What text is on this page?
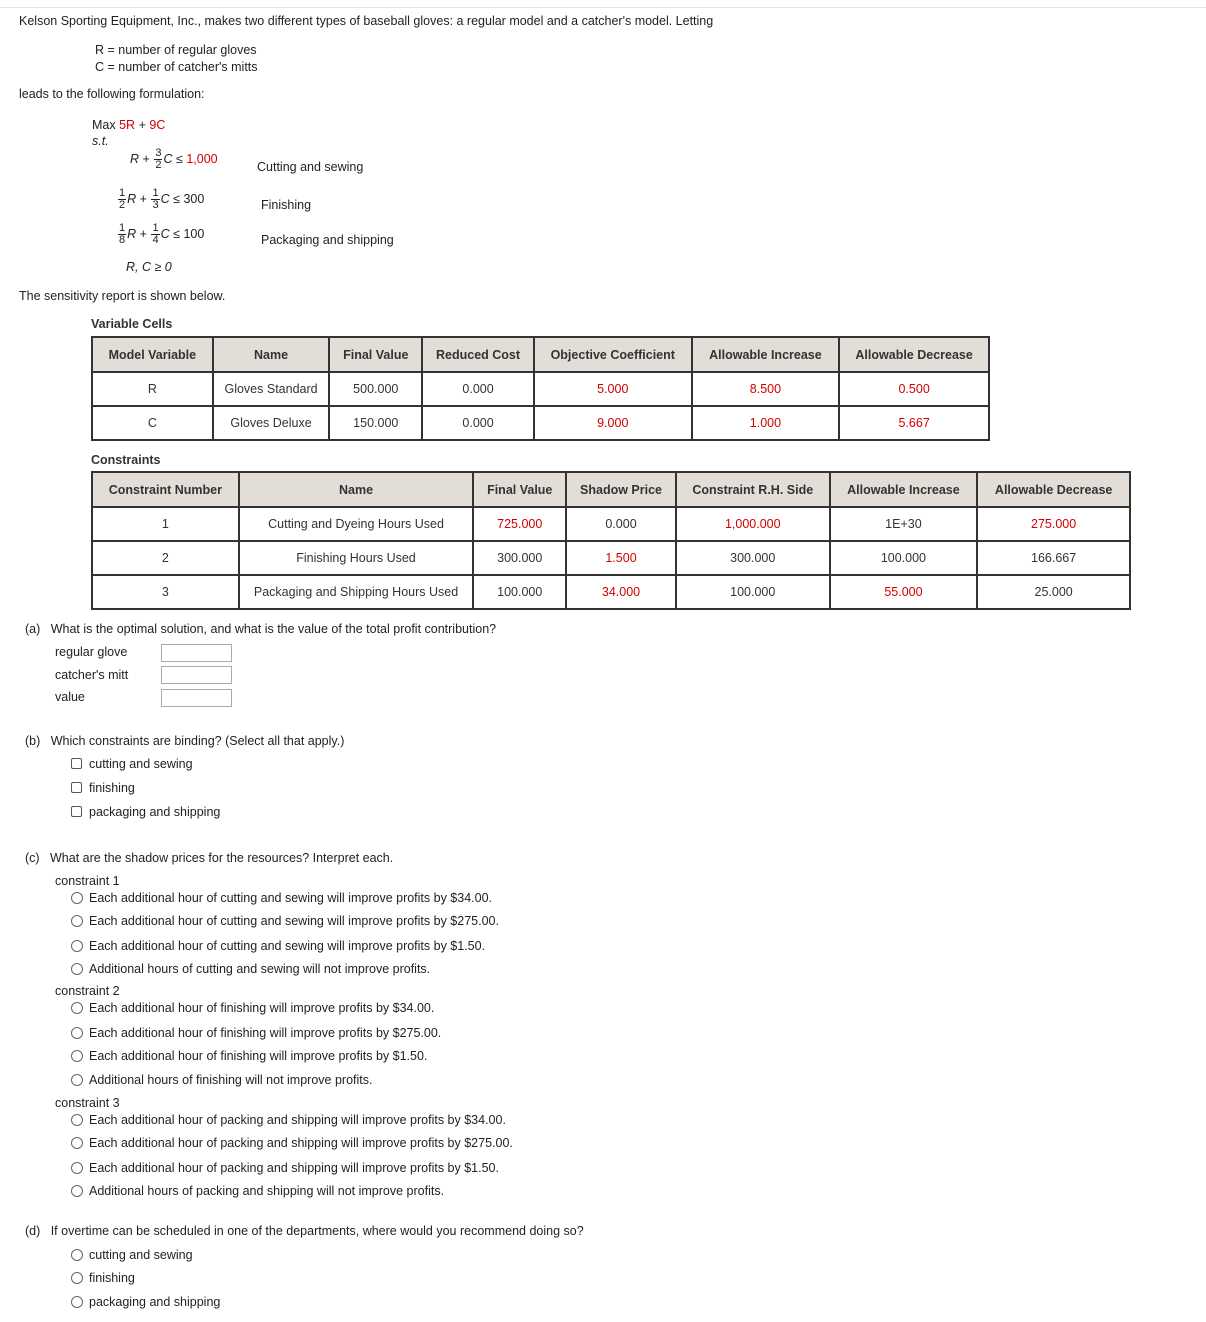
Kelson Sporting Equipment, Inc., makes two different types of baseball gloves: a regular model and a catcher's model. Letting
R = number of regular gloves
C = number of catcher's mitts
leads to the following formulation:
Max 5R + 9C
s.t.
$R + \frac{3}{2}$ C ≤ 1,000
Cutting and sewing
$\frac{1}{2}$ $R + \frac{1}{3}$ C ≤ 300	Finishing
$\frac{1}{8}$ $R + \frac{1}{4}$ C ≤ 100	Packaging and shipping
R, C ≥ 0
The sensitivity report is shown below.
Variable Cells
Model Variable	Name	Final Value	Reduced Cost	Objective Coefficient	Allowable Increase	Allowable Decrease
R	Gloves Standard	500.000	0.000	5.000	8.500	0.500
C	Gloves Deluxe	150.000	0.000	9.000	1.000	5.667
Constraints
Constraint Number	Name	Final Value	Shadow Price	Constraint R.H. Side	Allowable Increase	Allowable Decrease
1	Cutting and Dyeing Hours Used	725.000	0.000	1,000.000	1E+30	275.000
2	Finishing Hours Used	300.000	1.500	300.000	100.000	166.667
3	Packaging and Shipping Hours Used	100.000	34.000	100.000	55.000	25.000
(a) What is the optimal solution, and what is the value of the total profit contribution?
regular glove
catcher's mitt
value
(b) Which constraints are binding? (Select all that apply.)
cutting and sewing
finishing
packaging and shipping
(c) What are the shadow prices for the resources? Interpret each.
constraint 1
Each additional hour of cutting and sewing will improve profits by $34.00.
Each additional hour of cutting and sewing will improve profits by $275.00.
Each additional hour of cutting and sewing will improve profits by $1.50.
Additional hours of cutting and sewing will not improve profits.
constraint 2
Each additional hour of finishing will improve profits by $34.00.
Each additional hour of finishing will improve profits by $275.00.
Each additional hour of finishing will improve profits by $1.50.
Additional hours of finishing will not improve profits.
constraint 3
Each additional hour of packing and shipping will improve profits by $34.00.
Each additional hour of packing and shipping will improve profits by $275.00.
Each additional hour of packing and shipping will improve profits by $1.50.
Additional hours of packing and shipping will not improve profits.
(d) If overtime can be scheduled in one of the departments, where would you recommend doing so?
cutting and sewing
finishing
packaging and shipping
